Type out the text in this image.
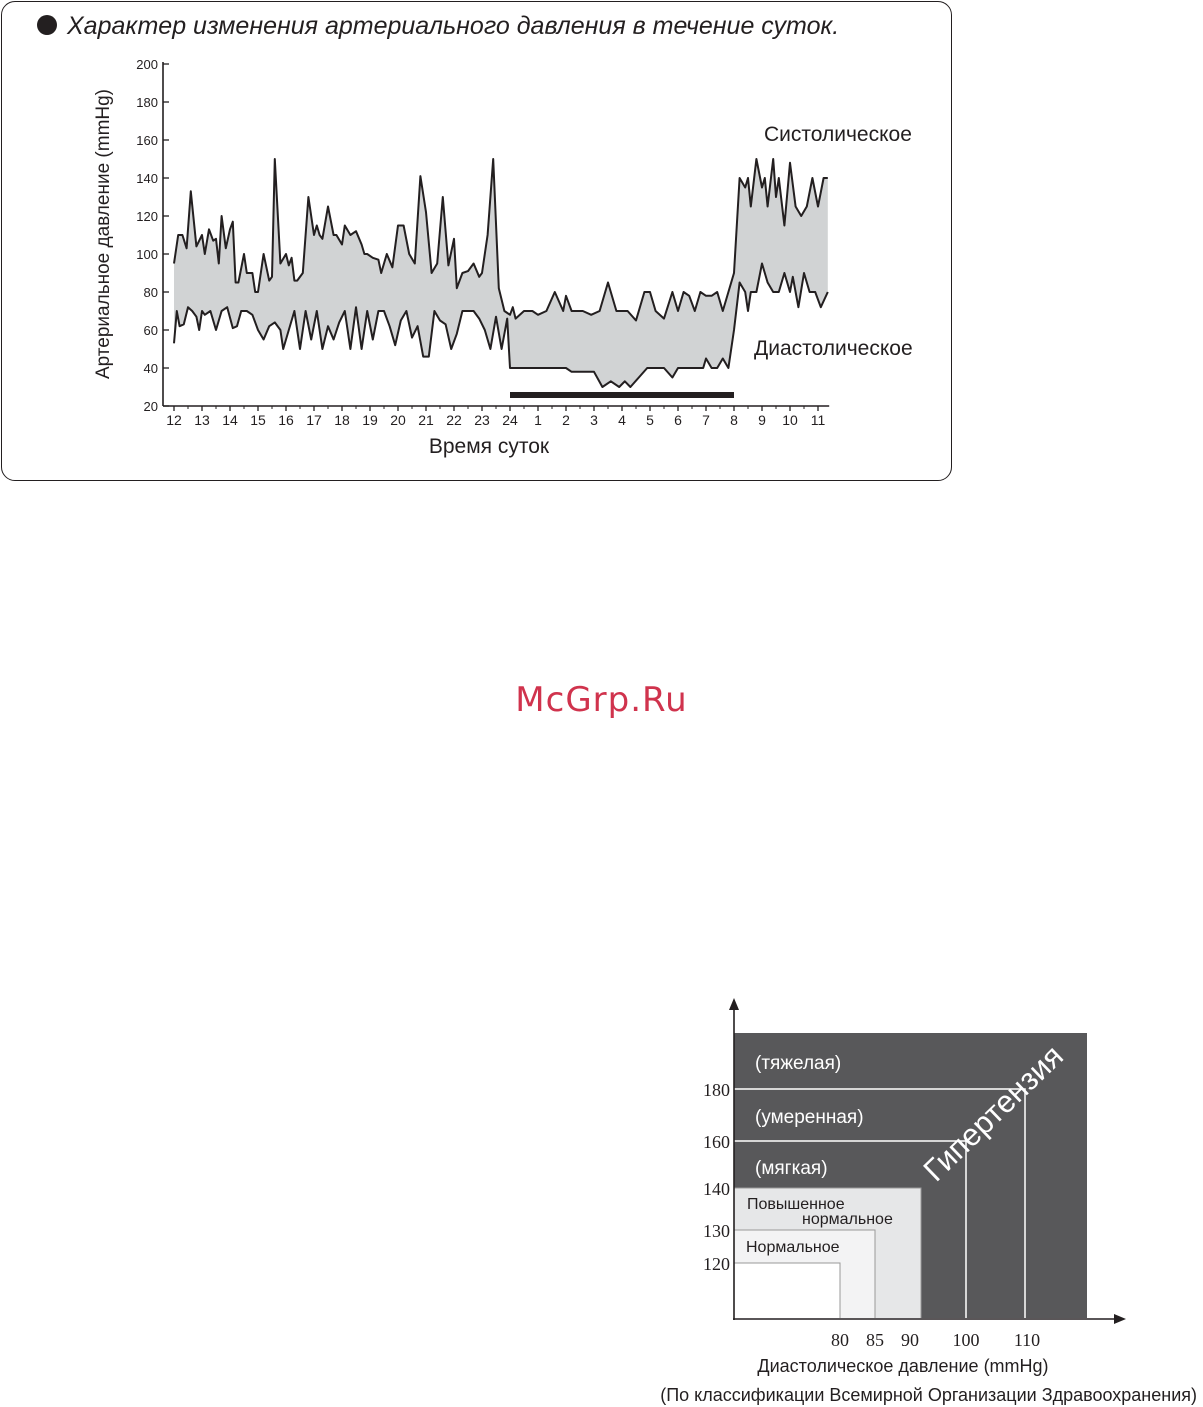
Характер изменения артериального давления в течение суток.
20
40
60
80
100
120
140
160
180
200
12 13 14 15 16 17 18 19 20 21 22 23 24 1 2 3 4 5 6 7 8 9 10 11
Артериальное давление (mmHg)
Время суток
Систолическое
Диастолическое
McGrp.Ru
(тяжелая)
(умеренная)
(мягкая)
Повышенное
нормальное
Нормальное
Гипертензия
180
160
140
130
120
80 85 90 100 110
Диастолическое давление (mmHg)
(По классификации Всемирной Организации Здравоохранения)
